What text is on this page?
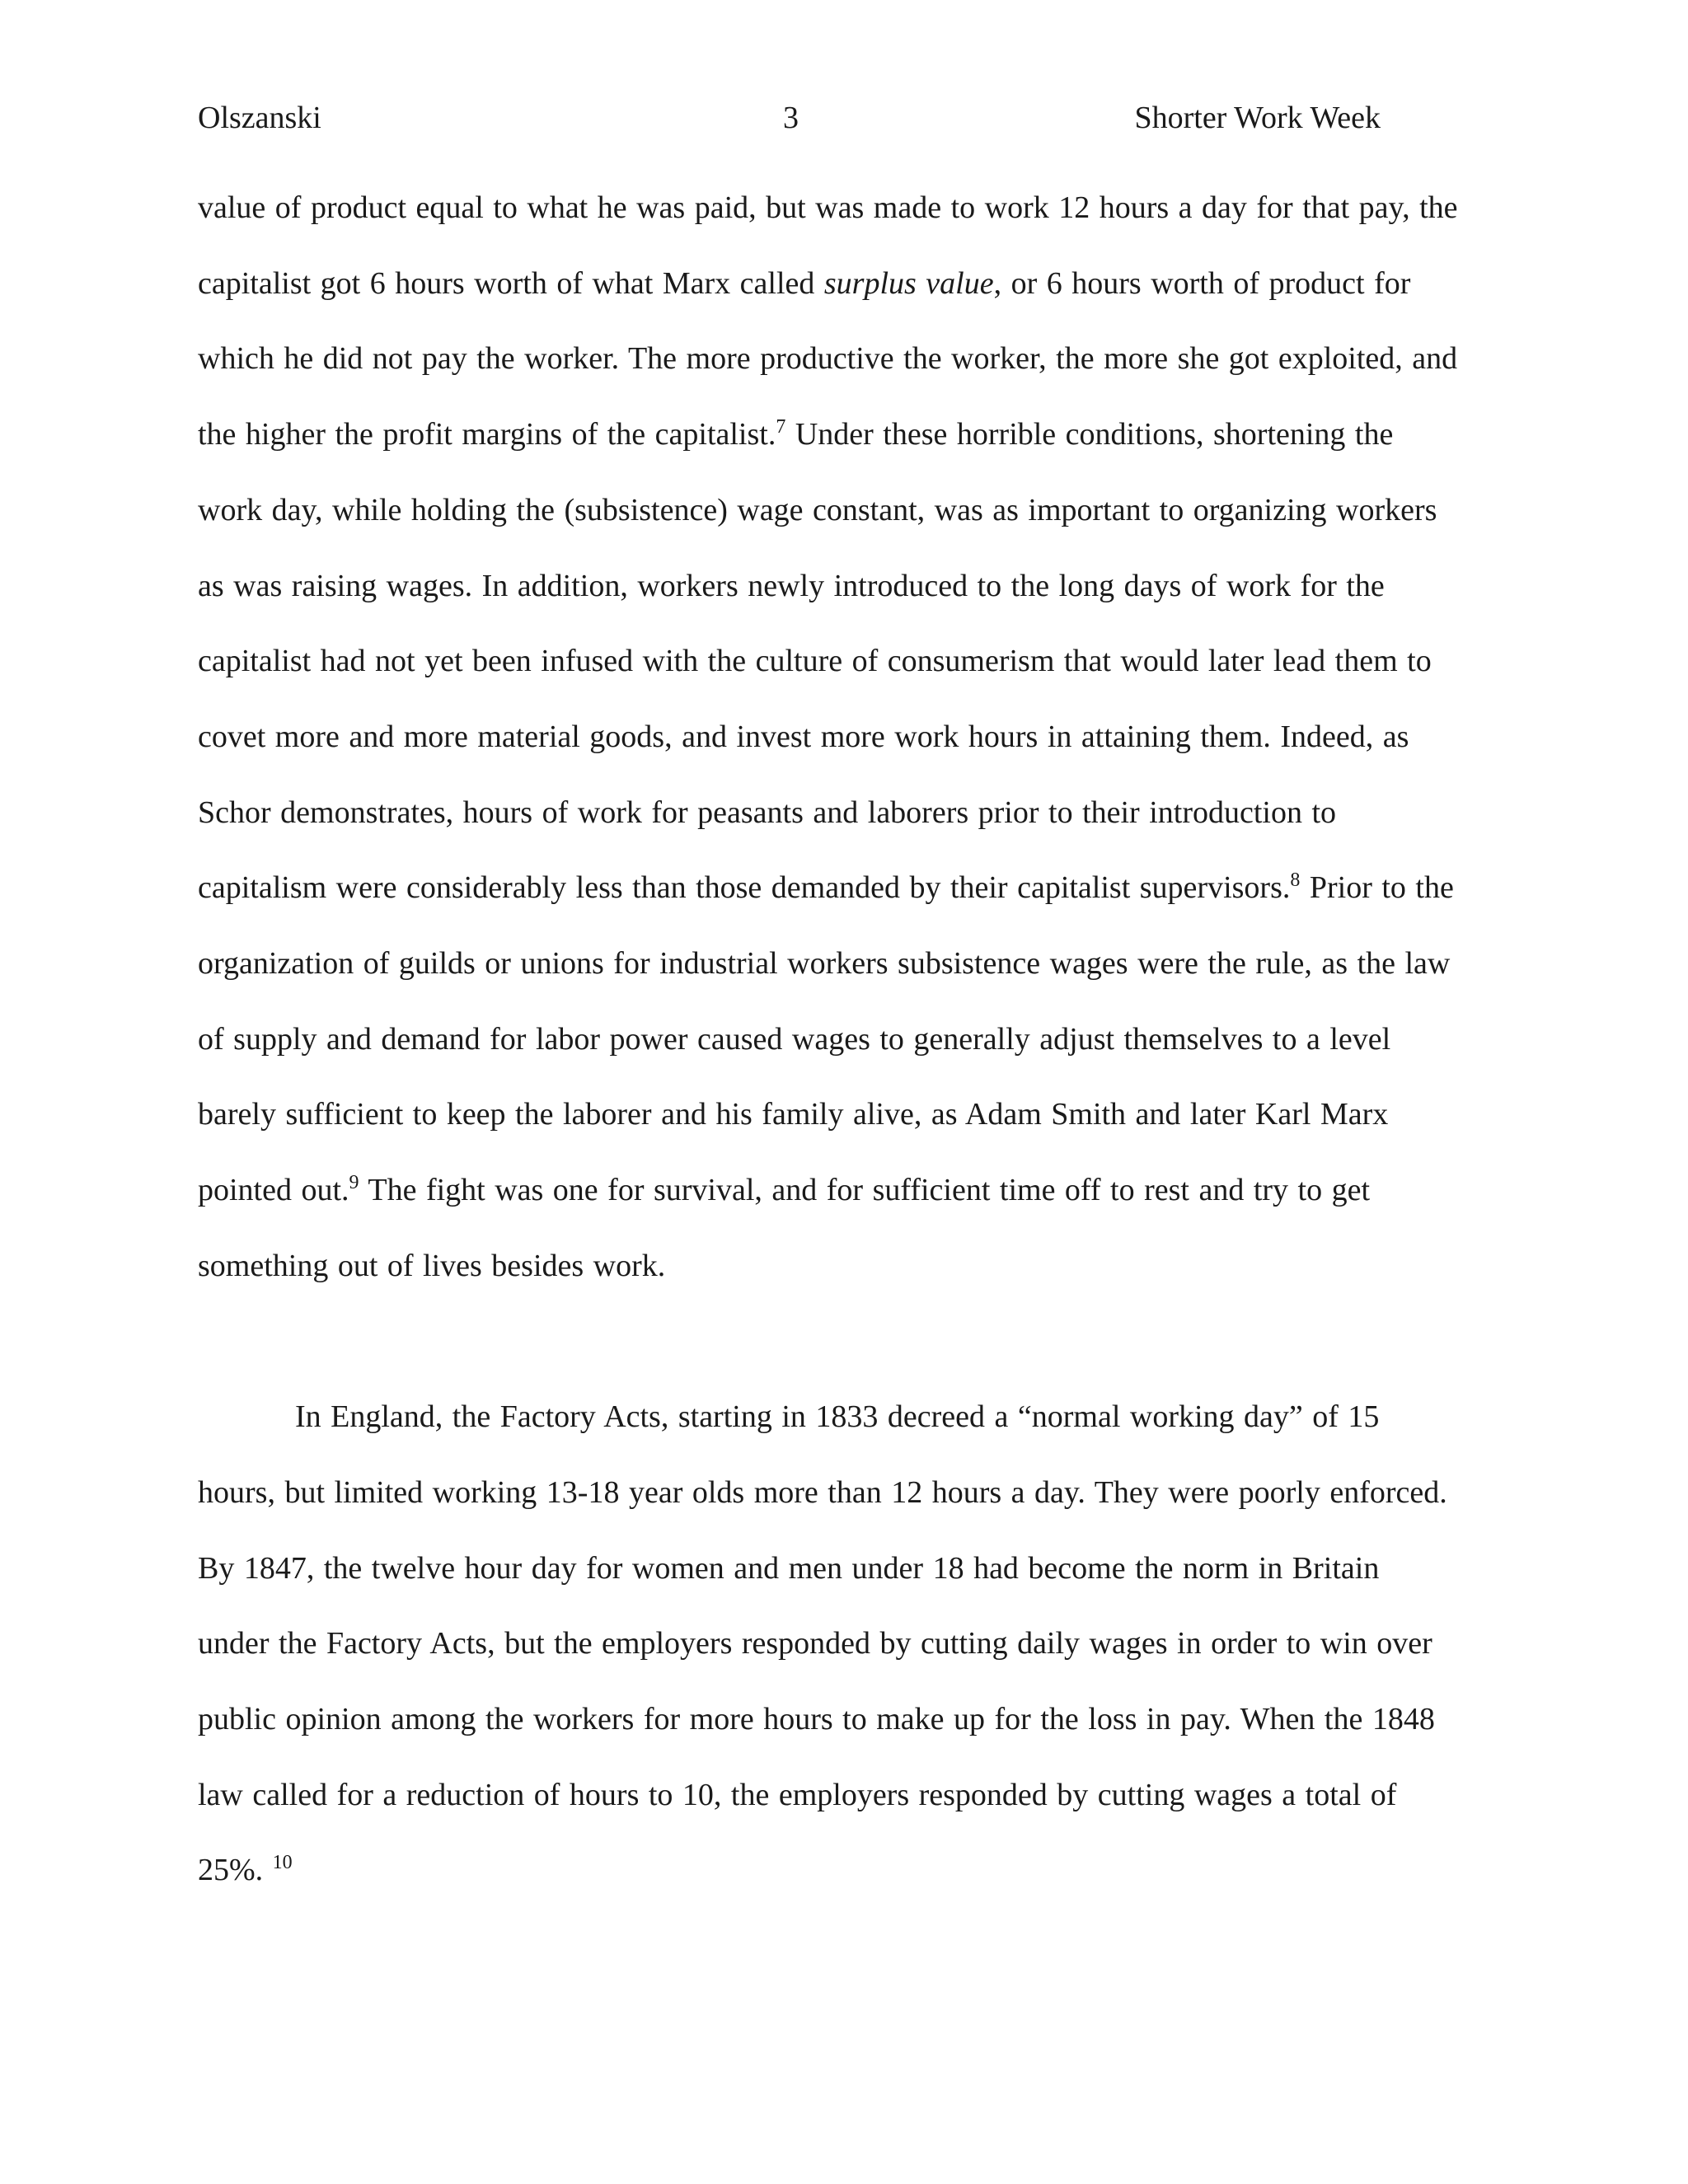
Olszanski	3	Shorter Work Week

value of product equal to what he was paid, but was made to work 12 hours a day for that pay, the capitalist got 6 hours worth of what Marx called surplus value, or 6 hours worth of product for which he did not pay the worker. The more productive the worker, the more she got exploited, and the higher the profit margins of the capitalist.$^7$ Under these horrible conditions, shortening the work day, while holding the (subsistence) wage constant, was as important to organizing workers as was raising wages. In addition, workers newly introduced to the long days of work for the capitalist had not yet been infused with the culture of consumerism that would later lead them to covet more and more material goods, and invest more work hours in attaining them. Indeed, as Schor demonstrates, hours of work for peasants and laborers prior to their introduction to capitalism were considerably less than those demanded by their capitalist supervisors.$^8$ Prior to the organization of guilds or unions for industrial workers subsistence wages were the rule, as the law of supply and demand for labor power caused wages to generally adjust themselves to a level barely sufficient to keep the laborer and his family alive, as Adam Smith and later Karl Marx pointed out.$^9$ The fight was one for survival, and for sufficient time off to rest and try to get something out of lives besides work.

In England, the Factory Acts, starting in 1833 decreed a “normal working day” of 15 hours, but limited working 13-18 year olds more than 12 hours a day. They were poorly enforced. By 1847, the twelve hour day for women and men under 18 had become the norm in Britain under the Factory Acts, but the employers responded by cutting daily wages in order to win over public opinion among the workers for more hours to make up for the loss in pay. When the 1848 law called for a reduction of hours to 10, the employers responded by cutting wages a total of 25%. $^{10}$
